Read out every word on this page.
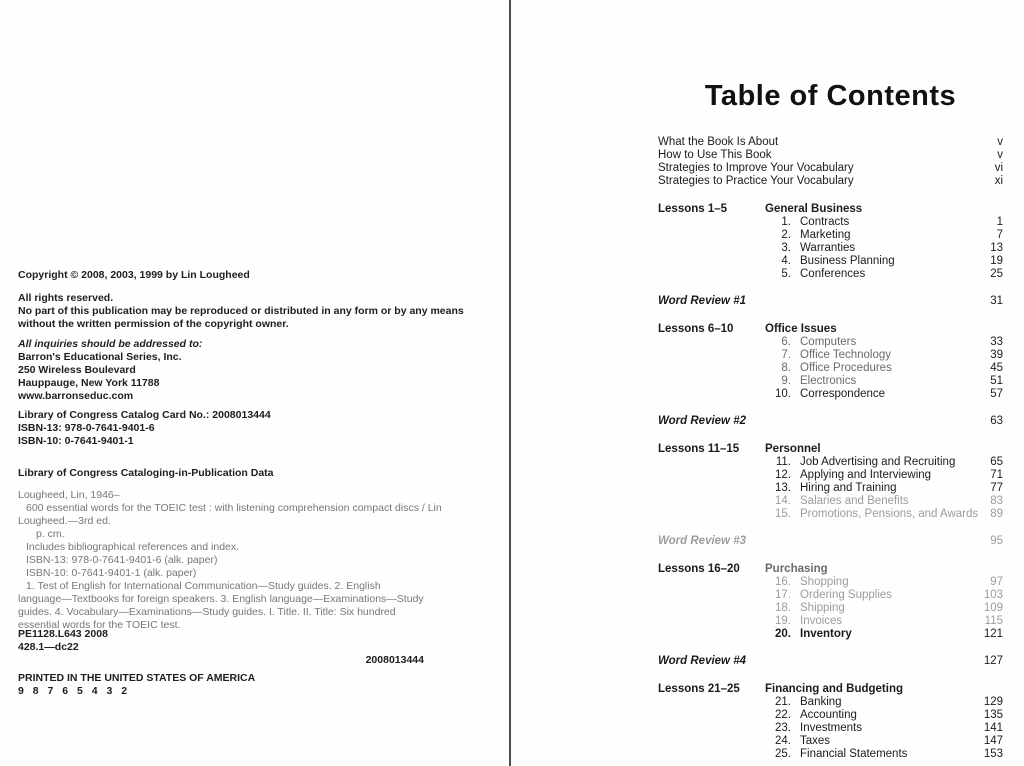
Copyright © 2008, 2003, 1999 by Lin Lougheed
All rights reserved.
No part of this publication may be reproduced or distributed in any form or by any means
without the written permission of the copyright owner.
All inquiries should be addressed to:
Barron's Educational Series, Inc.
250 Wireless Boulevard
Hauppauge, New York 11788
www.barronseduc.com
Library of Congress Catalog Card No.: 2008013444
ISBN-13: 978-0-7641-9401-6
ISBN-10: 0-7641-9401-1
Library of Congress Cataloging-in-Publication Data
Lougheed, Lin, 1946–
600 essential words for the TOEIC test : with listening comprehension compact discs / Lin
Lougheed.—3rd ed.
p. cm.
Includes bibliographical references and index.
ISBN-13: 978-0-7641-9401-6 (alk. paper)
ISBN-10: 0-7641-9401-1 (alk. paper)
1. Test of English for International Communication—Study guides. 2. English
language—Textbooks for foreign speakers. 3. English language—Examinations—Study
guides. 4. Vocabulary—Examinations—Study guides. I. Title. II. Title: Six hundred
essential words for the TOEIC test.
PE1128.L643 2008
428.1—dc22
2008013444
PRINTED IN THE UNITED STATES OF AMERICA
9 8 7 6 5 4 3 2
Table of Contents
What the Book Is About	v
How to Use This Book	v
Strategies to Improve Your Vocabulary	vi
Strategies to Practice Your Vocabulary	xi
Lessons 1–5	General Business
1. Contracts	1
2. Marketing	7
3. Warranties	13
4. Business Planning	19
5. Conferences	25
Word Review #1	31
Lessons 6–10	Office Issues
6. Computers	33
7. Office Technology	39
8. Office Procedures	45
9. Electronics	51
10. Correspondence	57
Word Review #2	63
Lessons 11–15	Personnel
11. Job Advertising and Recruiting	65
12. Applying and Interviewing	71
13. Hiring and Training	77
14. Salaries and Benefits	83
15. Promotions, Pensions, and Awards 89
Word Review #3	95
Lessons 16–20	Purchasing
16. Shopping	97
17. Ordering Supplies	103
18. Shipping	109
19. Invoices	115
20. Inventory	121
Word Review #4	127
Lessons 21–25	Financing and Budgeting
21. Banking	129
22. Accounting	135
23. Investments	141
24. Taxes	147
25. Financial Statements	153
